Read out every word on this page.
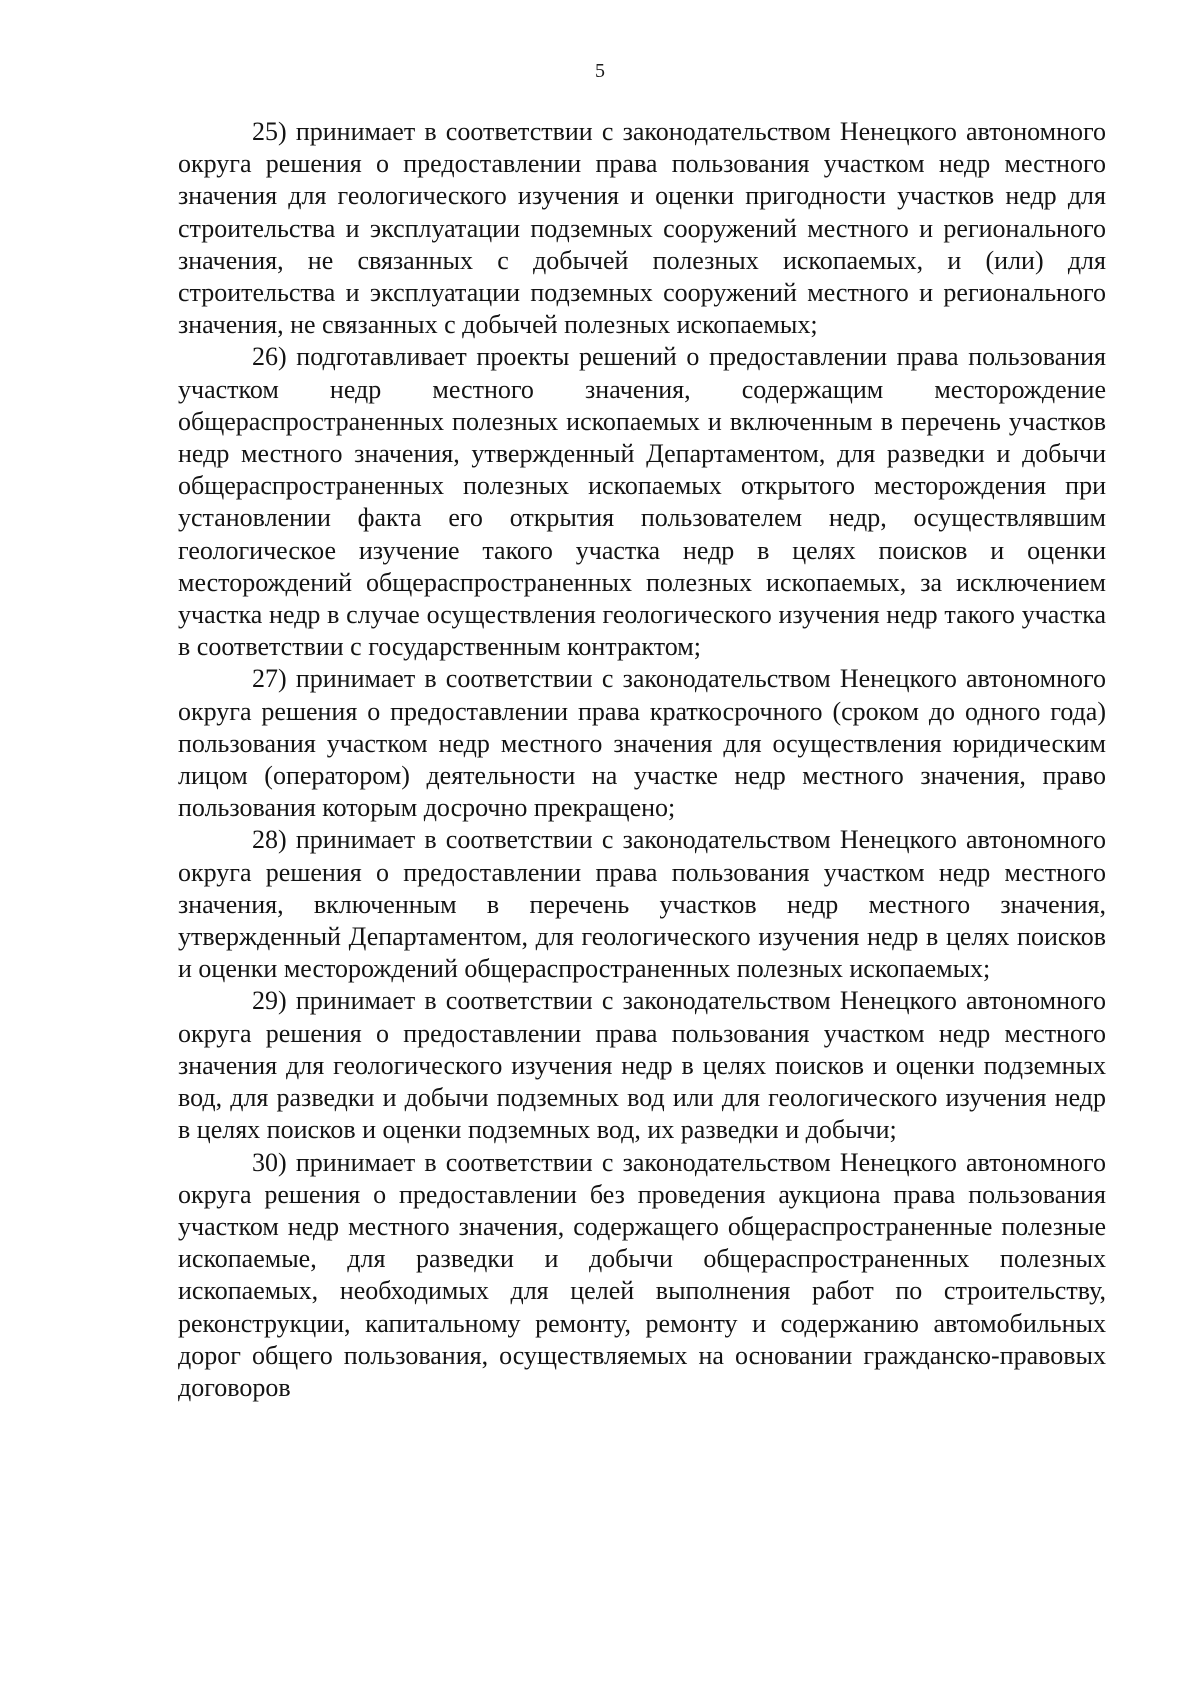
5

25) принимает в соответствии с законодательством Ненецкого автономного округа решения о предоставлении права пользования участком недр местного значения для геологического изучения и оценки пригодности участков недр для строительства и эксплуатации подземных сооружений местного и регионального значения, не связанных с добычей полезных ископаемых, и (или) для строительства и эксплуатации подземных сооружений местного и регионального значения, не связанных с добычей полезных ископаемых;

26) подготавливает проекты решений о предоставлении права пользования участком недр местного значения, содержащим месторождение общераспространенных полезных ископаемых и включенным в перечень участков недр местного значения, утвержденный Департаментом, для разведки и добычи общераспространенных полезных ископаемых открытого месторождения при установлении факта его открытия пользователем недр, осуществлявшим геологическое изучение такого участка недр в целях поисков и оценки месторождений общераспространенных полезных ископаемых, за исключением участка недр в случае осуществления геологического изучения недр такого участка в соответствии с государственным контрактом;

27) принимает в соответствии с законодательством Ненецкого автономного округа решения о предоставлении права краткосрочного (сроком до одного года) пользования участком недр местного значения для осуществления юридическим лицом (оператором) деятельности на участке недр местного значения, право пользования которым досрочно прекращено;

28) принимает в соответствии с законодательством Ненецкого автономного округа решения о предоставлении права пользования участком недр местного значения, включенным в перечень участков недр местного значения, утвержденный Департаментом, для геологического изучения недр в целях поисков и оценки месторождений общераспространенных полезных ископаемых;

29) принимает в соответствии с законодательством Ненецкого автономного округа решения о предоставлении права пользования участком недр местного значения для геологического изучения недр в целях поисков и оценки подземных вод, для разведки и добычи подземных вод или для геологического изучения недр в целях поисков и оценки подземных вод, их разведки и добычи;

30) принимает в соответствии с законодательством Ненецкого автономного округа решения о предоставлении без проведения аукциона права пользования участком недр местного значения, содержащего общераспространенные полезные ископаемые, для разведки и добычи общераспространенных полезных ископаемых, необходимых для целей выполнения работ по строительству, реконструкции, капитальному ремонту, ремонту и содержанию автомобильных дорог общего пользования, осуществляемых на основании гражданско-правовых договоров
